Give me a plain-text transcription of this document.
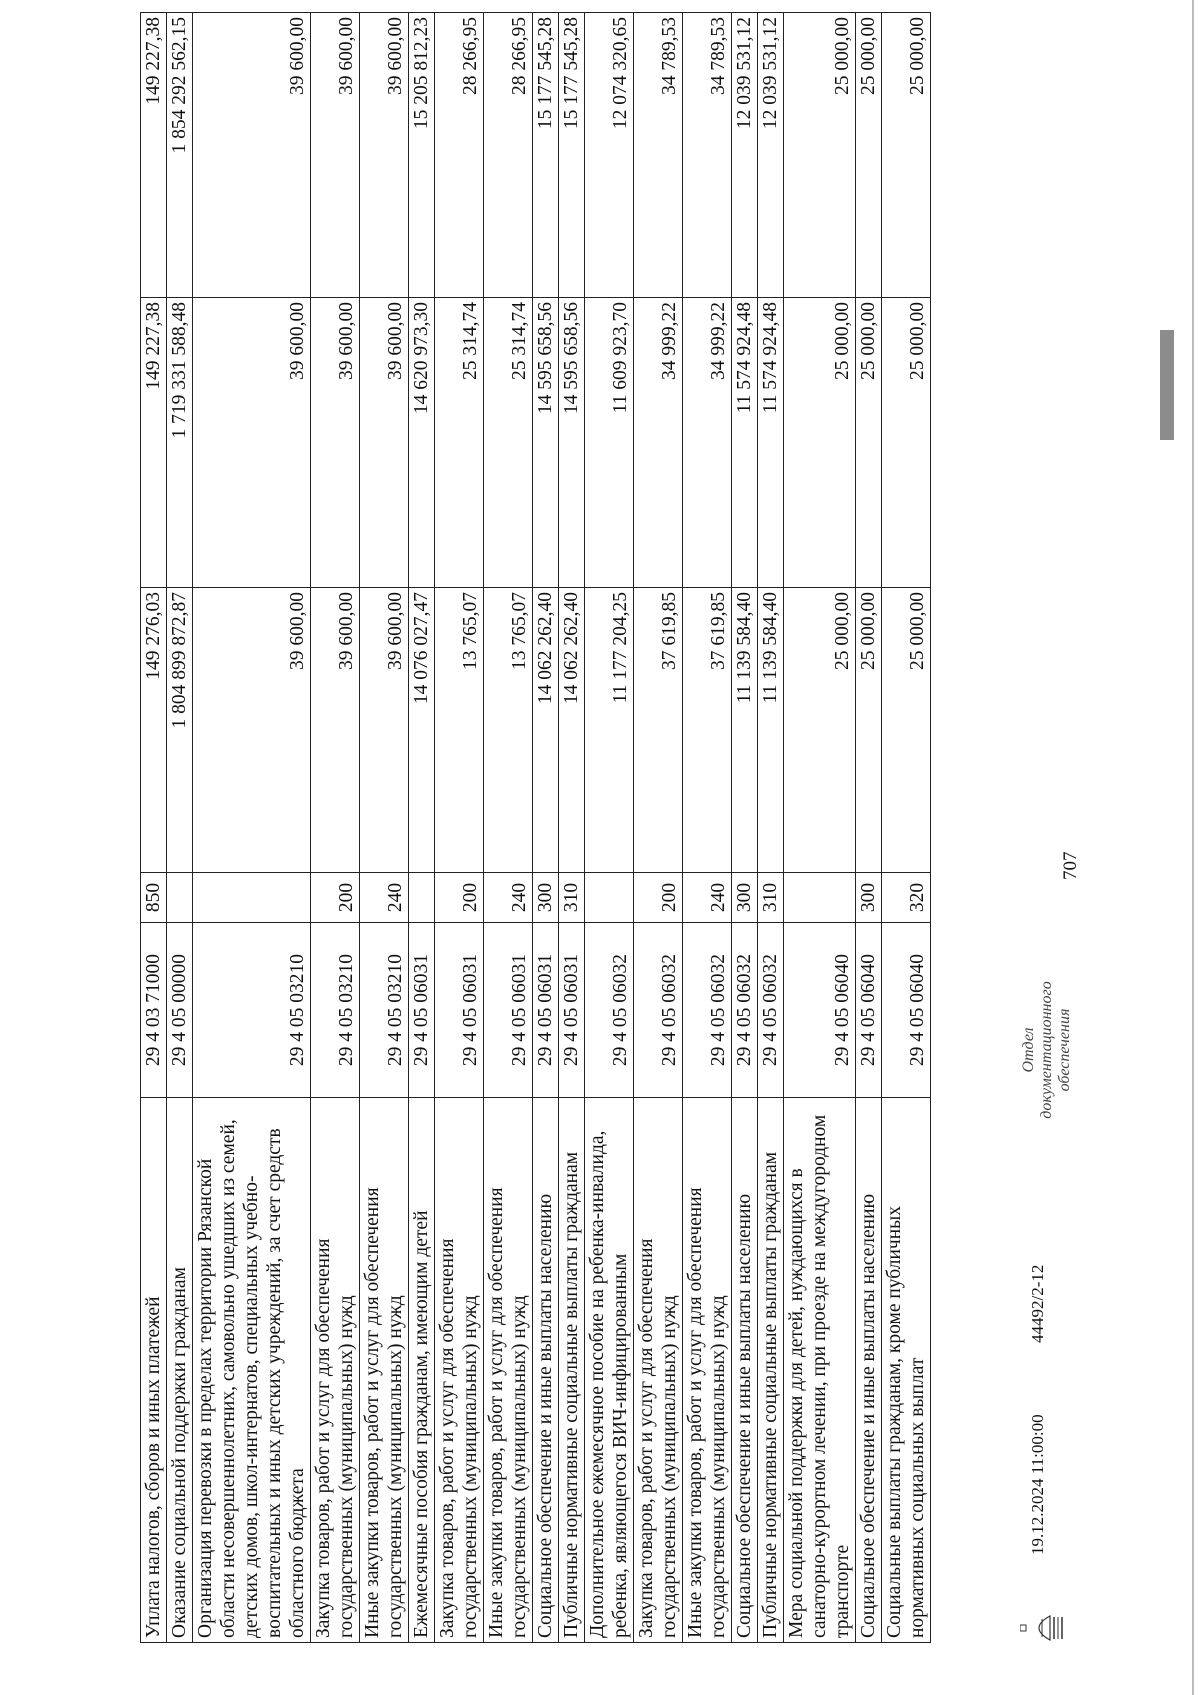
707
Уплата налогов, сборов и иных платежей	29 4 03 71000	850	149 276,03	149 227,38	149 227,38
Оказание социальной поддержки гражданам	29 4 05 00000		1 804 899 872,87	1 719 331 588,48	1 854 292 562,15
Организация перевозки в пределах территории Рязанской области несовершеннолетних, самовольно ушедших из семей, детских домов, школ-интернатов, специальных учебно-воспитательных и иных детских учреждений, за счет средств областного бюджета	29 4 05 03210		39 600,00	39 600,00	39 600,00
Закупка товаров, работ и услуг для обеспечения государственных (муниципальных) нужд	29 4 05 03210	200	39 600,00	39 600,00	39 600,00
Иные закупки товаров, работ и услуг для обеспечения государственных (муниципальных) нужд	29 4 05 03210	240	39 600,00	39 600,00	39 600,00
Ежемесячные пособия гражданам, имеющим детей	29 4 05 06031		14 076 027,47	14 620 973,30	15 205 812,23
Закупка товаров, работ и услуг для обеспечения государственных (муниципальных) нужд	29 4 05 06031	200	13 765,07	25 314,74	28 266,95
Иные закупки товаров, работ и услуг для обеспечения государственных (муниципальных) нужд	29 4 05 06031	240	13 765,07	25 314,74	28 266,95
Социальное обеспечение и иные выплаты населению	29 4 05 06031	300	14 062 262,40	14 595 658,56	15 177 545,28
Публичные нормативные социальные выплаты гражданам	29 4 05 06031	310	14 062 262,40	14 595 658,56	15 177 545,28
Дополнительное ежемесячное пособие на ребенка-инвалида, ребенка, являющегося ВИЧ-инфицированным	29 4 05 06032		11 177 204,25	11 609 923,70	12 074 320,65
Закупка товаров, работ и услуг для обеспечения государственных (муниципальных) нужд	29 4 05 06032	200	37 619,85	34 999,22	34 789,53
Иные закупки товаров, работ и услуг для обеспечения государственных (муниципальных) нужд	29 4 05 06032	240	37 619,85	34 999,22	34 789,53
Социальное обеспечение и иные выплаты населению	29 4 05 06032	300	11 139 584,40	11 574 924,48	12 039 531,12
Публичные нормативные социальные выплаты гражданам	29 4 05 06032	310	11 139 584,40	11 574 924,48	12 039 531,12
Мера социальной поддержки для детей, нуждающихся в санаторно-курортном лечении, при проезде на междугородном транспорте	29 4 05 06040		25 000,00	25 000,00	25 000,00
Социальное обеспечение и иные выплаты населению	29 4 05 06040	300	25 000,00	25 000,00	25 000,00
Социальные выплаты гражданам, кроме публичных нормативных социальных выплат	29 4 05 06040	320	25 000,00	25 000,00	25 000,00
19.12.2024 11:00:00
44492/2-12
Отдел документационного обеспечения
